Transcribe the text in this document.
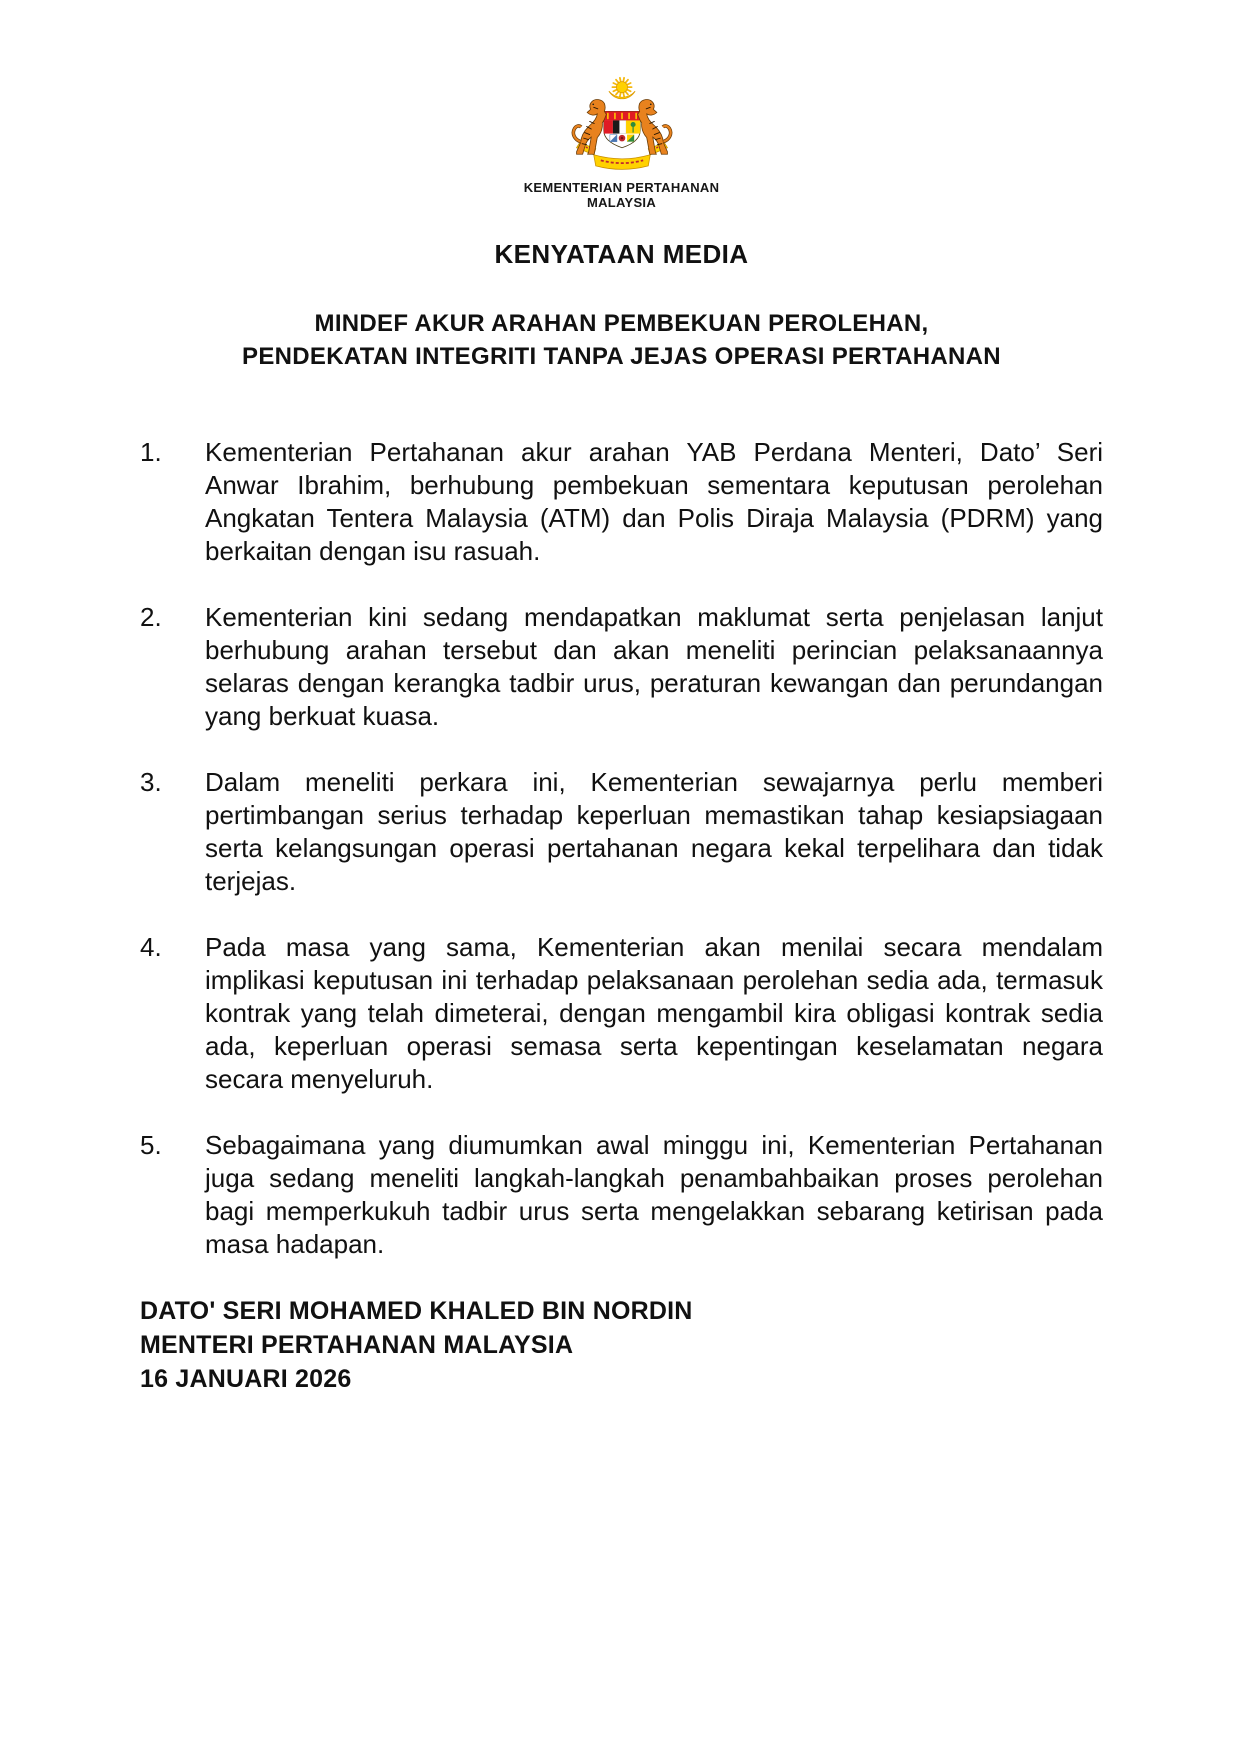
KEMENTERIAN PERTAHANAN
MALAYSIA
KENYATAAN MEDIA
MINDEF AKUR ARAHAN PEMBEKUAN PEROLEHAN,
PENDEKATAN INTEGRITI TANPA JEJAS OPERASI PERTAHANAN
1. Kementerian Pertahanan akur arahan YAB Perdana Menteri, Dato’ Seri Anwar Ibrahim, berhubung pembekuan sementara keputusan perolehan Angkatan Tentera Malaysia (ATM) dan Polis Diraja Malaysia (PDRM) yang berkaitan dengan isu rasuah.
2. Kementerian kini sedang mendapatkan maklumat serta penjelasan lanjut berhubung arahan tersebut dan akan meneliti perincian pelaksanaannya selaras dengan kerangka tadbir urus, peraturan kewangan dan perundangan yang berkuat kuasa.
3. Dalam meneliti perkara ini, Kementerian sewajarnya perlu memberi pertimbangan serius terhadap keperluan memastikan tahap kesiapsiagaan serta kelangsungan operasi pertahanan negara kekal terpelihara dan tidak terjejas.
4. Pada masa yang sama, Kementerian akan menilai secara mendalam implikasi keputusan ini terhadap pelaksanaan perolehan sedia ada, termasuk kontrak yang telah dimeterai, dengan mengambil kira obligasi kontrak sedia ada, keperluan operasi semasa serta kepentingan keselamatan negara secara menyeluruh.
5. Sebagaimana yang diumumkan awal minggu ini, Kementerian Pertahanan juga sedang meneliti langkah-langkah penambahbaikan proses perolehan bagi memperkukuh tadbir urus serta mengelakkan sebarang ketirisan pada masa hadapan.
DATO' SERI MOHAMED KHALED BIN NORDIN
MENTERI PERTAHANAN MALAYSIA
16 JANUARI 2026
